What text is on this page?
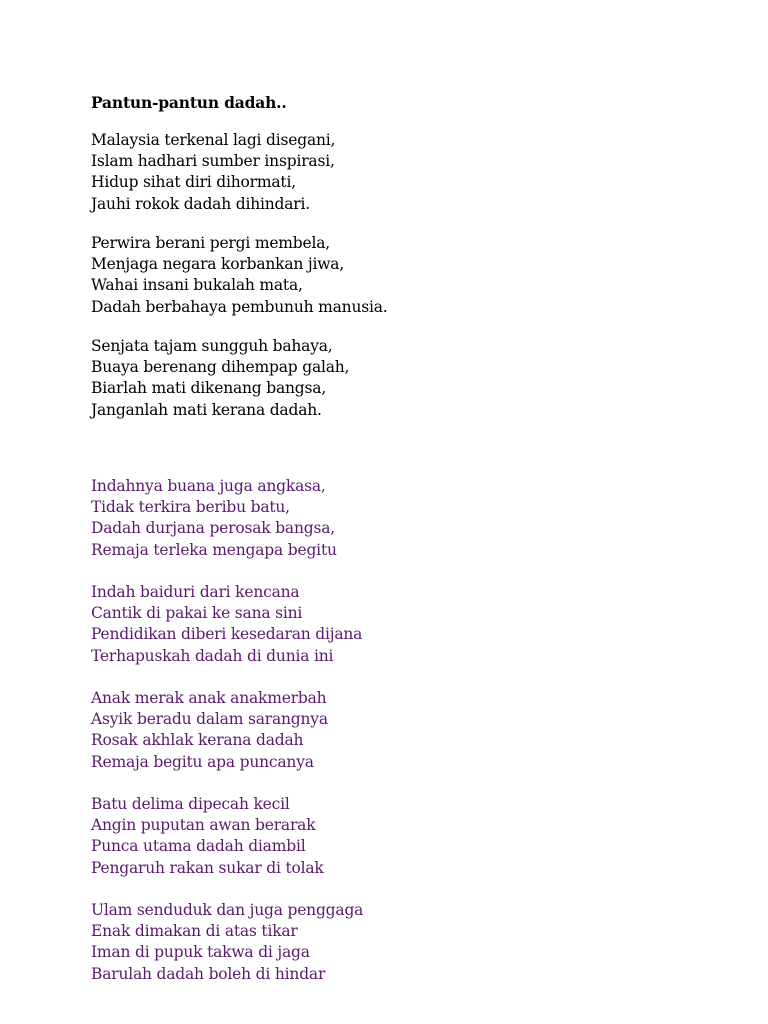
Pantun-pantun dadah..
Malaysia terkenal lagi disegani,
Islam hadhari sumber inspirasi,
Hidup sihat diri dihormati,
Jauhi rokok dadah dihindari.
Perwira berani pergi membela,
Menjaga negara korbankan jiwa,
Wahai insani bukalah mata,
Dadah berbahaya pembunuh manusia.
Senjata tajam sungguh bahaya,
Buaya berenang dihempap galah,
Biarlah mati dikenang bangsa,
Janganlah mati kerana dadah.
Indahnya buana juga angkasa,
Tidak terkira beribu batu,
Dadah durjana perosak bangsa,
Remaja terleka mengapa begitu
Indah baiduri dari kencana
Cantik di pakai ke sana sini
Pendidikan diberi kesedaran dijana
Terhapuskah dadah di dunia ini
Anak merak anak anakmerbah
Asyik beradu dalam sarangnya
Rosak akhlak kerana dadah
Remaja begitu apa puncanya
Batu delima dipecah kecil
Angin puputan awan berarak
Punca utama dadah diambil
Pengaruh rakan sukar di tolak
Ulam senduduk dan juga penggaga
Enak dimakan di atas tikar
Iman di pupuk takwa di jaga
Barulah dadah boleh di hindar
